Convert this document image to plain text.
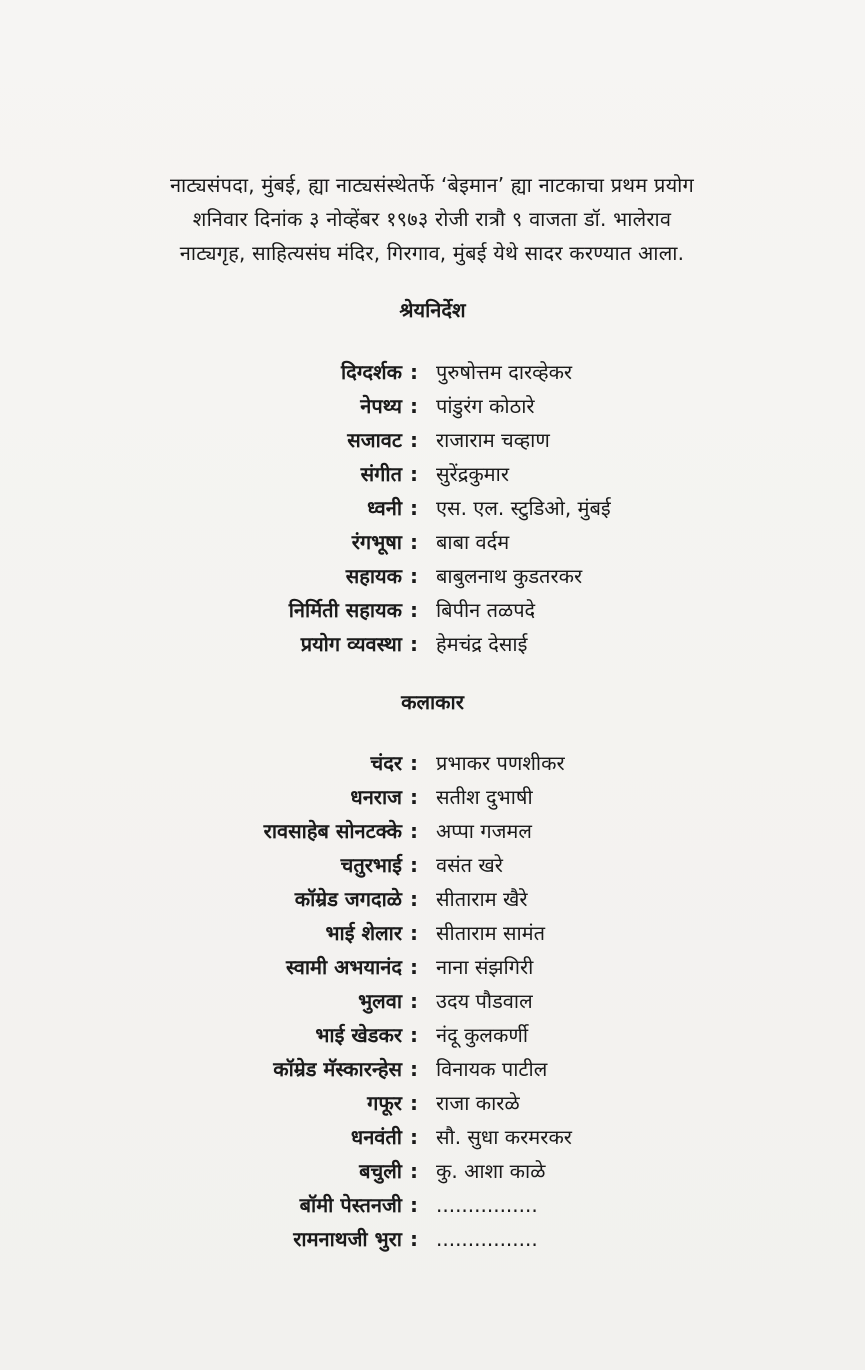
नाट्यसंपदा, मुंबई, ह्या नाट्यसंस्थेतर्फे ‘बेइमान’ ह्या नाटकाचा प्रथम प्रयोग
शनिवार दिनांक ३ नोव्हेंबर १९७३ रोजी रात्रौ ९ वाजता डॉ. भालेराव
नाट्यगृह, साहित्यसंघ मंदिर, गिरगाव, मुंबई येथे सादर करण्यात आला.
श्रेयनिर्देश
दिग्दर्शक : पुरुषोत्तम दारव्हेकर
नेपथ्य : पांडुरंग कोठारे
सजावट : राजाराम चव्हाण
संगीत : सुरेंद्रकुमार
ध्वनी : एस. एल. स्टुडिओ, मुंबई
रंगभूषा : बाबा वर्दम
सहायक : बाबुलनाथ कुडतरकर
निर्मिती सहायक : बिपीन तळपदे
प्रयोग व्यवस्था : हेमचंद्र देसाई
कलाकार
चंदर : प्रभाकर पणशीकर
धनराज : सतीश दुभाषी
रावसाहेब सोनटक्के : अप्पा गजमल
चतुरभाई : वसंत खरे
कॉम्रेड जगदाळे : सीताराम खैरे
भाई शेलार : सीताराम सामंत
स्वामी अभयानंद : नाना संझगिरी
भुलवा : उदय पौडवाल
भाई खेडकर : नंदू कुलकर्णी
कॉम्रेड मॅस्कारन्हेस : विनायक पाटील
गफूर : राजा कारळे
धनवंती : सौ. सुधा करमरकर
बचुली : कु. आशा काळे
बॉमी पेस्तनजी : ................
रामनाथजी भुरा : ................
